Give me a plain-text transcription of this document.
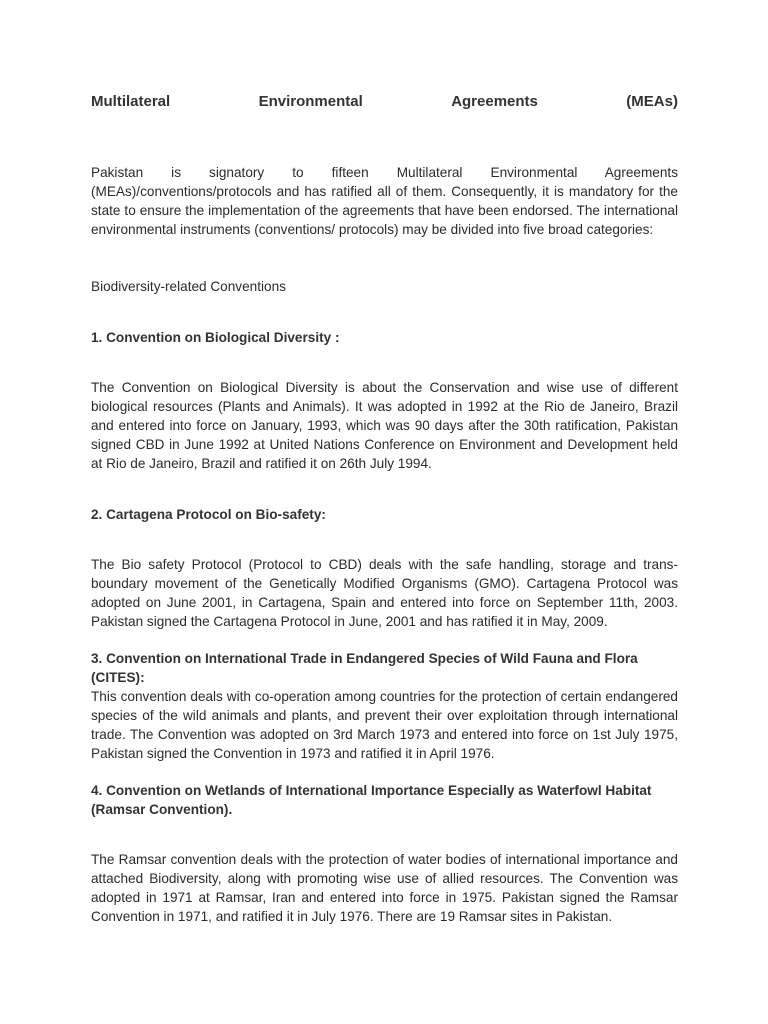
Multilateral	Environmental	Agreements	(MEAs)

Pakistan is signatory to fifteen Multilateral Environmental Agreements (MEAs)/conventions/protocols and has ratified all of them. Consequently, it is mandatory for the state to ensure the implementation of the agreements that have been endorsed. The international environmental instruments (conventions/ protocols) may be divided into five broad categories:

Biodiversity-related Conventions

1. Convention on Biological Diversity :

The Convention on Biological Diversity is about the Conservation and wise use of different biological resources (Plants and Animals). It was adopted in 1992 at the Rio de Janeiro, Brazil and entered into force on January, 1993, which was 90 days after the 30th ratification, Pakistan signed CBD in June 1992 at United Nations Conference on Environment and Development held at Rio de Janeiro, Brazil and ratified it on 26th July 1994.

2. Cartagena Protocol on Bio-safety:

The Bio safety Protocol (Protocol to CBD) deals with the safe handling, storage and trans-boundary movement of the Genetically Modified Organisms (GMO). Cartagena Protocol was adopted on June 2001, in Cartagena, Spain and entered into force on September 11th, 2003. Pakistan signed the Cartagena Protocol in June, 2001 and has ratified it in May, 2009.

3. Convention on International Trade in Endangered Species of Wild Fauna and Flora (CITES):

This convention deals with co-operation among countries for the protection of certain endangered species of the wild animals and plants, and prevent their over exploitation through international trade. The Convention was adopted on 3rd March 1973 and entered into force on 1st July 1975, Pakistan signed the Convention in 1973 and ratified it in April 1976.

4. Convention on Wetlands of International Importance Especially as Waterfowl Habitat (Ramsar Convention).

The Ramsar convention deals with the protection of water bodies of international importance and attached Biodiversity, along with promoting wise use of allied resources. The Convention was adopted in 1971 at Ramsar, Iran and entered into force in 1975. Pakistan signed the Ramsar Convention in 1971, and ratified it in July 1976. There are 19 Ramsar sites in Pakistan.
